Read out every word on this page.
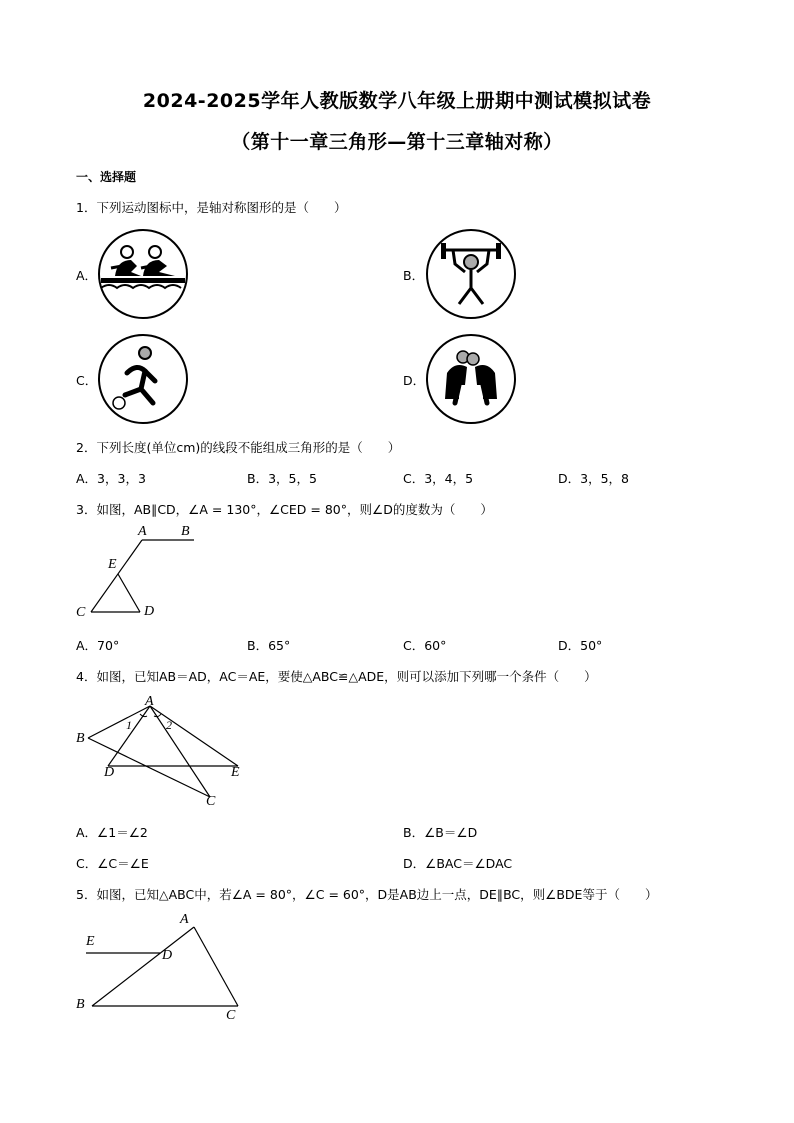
2024-2025学年人教版数学八年级上册期中测试模拟试卷
（第十一章三角形—第十三章轴对称）
一、选择题
1．下列运动图标中，是轴对称图形的是（　　）
A．	B．
C．	D．
2．下列长度(单位cm)的线段不能组成三角形的是（　　）
A．3，3，3	B．3，5，5	C．3，4，5	D．3，5，8
3．如图，AB∥CD，∠A = 130°，∠CED = 80°，则∠D的度数为（　　）
A B
E
C	D
A．70°	B．65°	C．60°	D．50°
4．如图，已知AB＝AD，AC＝AE，要使△ABC≌△ADE，则可以添加下列哪一个条件（　　）
A
B
1	2
D	E
C
A．∠1＝∠2	B．∠B＝∠D
C．∠C＝∠E	D．∠BAC＝∠DAC
5．如图，已知△ABC中，若∠A = 80°，∠C = 60°，D是AB边上一点，DE∥BC，则∠BDE等于（　　）
A
E
D
B
C
